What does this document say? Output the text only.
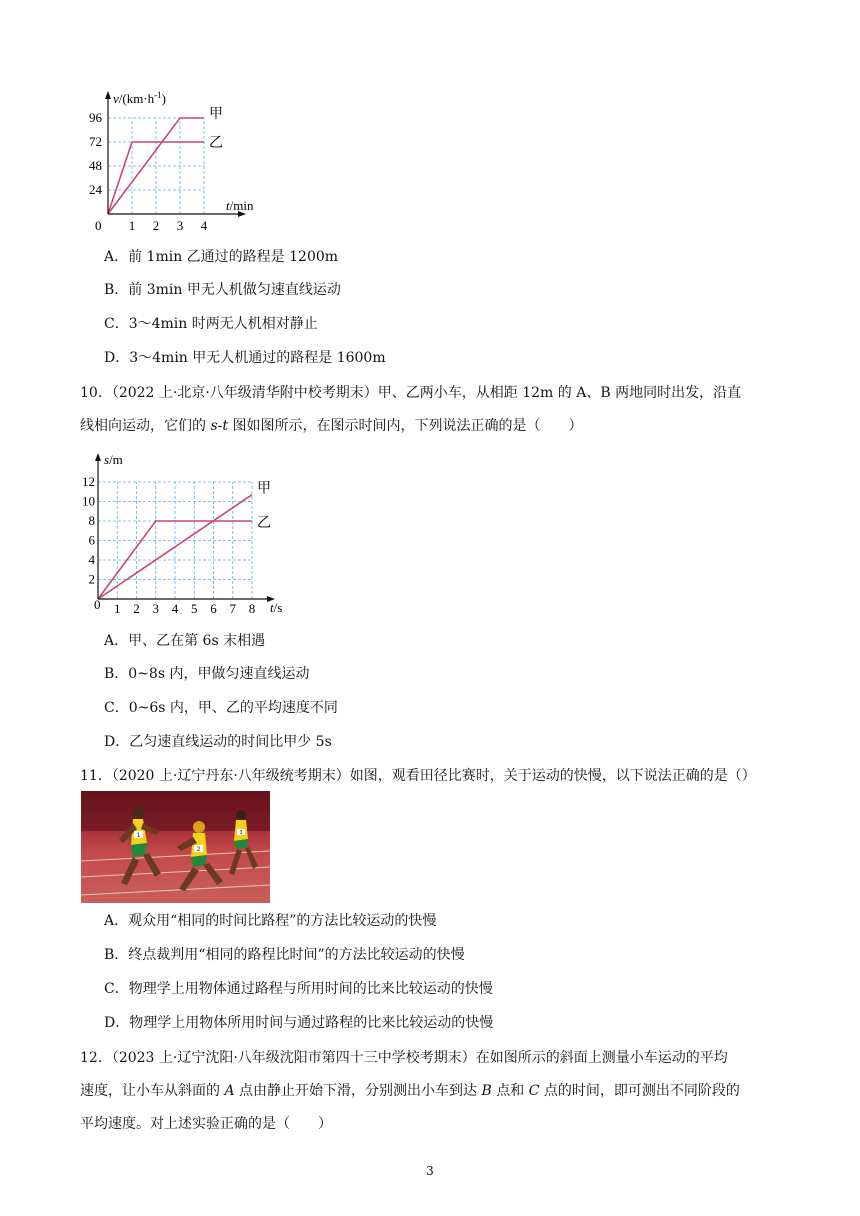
$v/(km\cdot h^{-1})$
t/min
0 1 2 3 4
24
48
72
96	甲
乙
A．前 1min 乙通过的路程是 1200m
B．前 3min 甲无人机做匀速直线运动
C．3～4min 时两无人机相对静止
D．3～4min 甲无人机通过的路程是 1600m
10．（2022 上·北京·八年级清华附中校考期末）甲、乙两小车，从相距 12m 的 A、B 两地同时出发，沿直
线相向运动，它们的 s-t 图如图所示，在图示时间内，下列说法正确的是（　　）
s/m
t/s
0 1 2 3 4 5 6 7 8
2
4
6
8
10
12
甲
乙
A．甲、乙在第 6s 末相遇
B．0~8s 内，甲做匀速直线运动
C．0~6s 内，甲、乙的平均速度不同
D．乙匀速直线运动的时间比甲少 5s
11．（2020 上·辽宁丹东·八年级统考期末）如图，观看田径比赛时，关于运动的快慢，以下说法正确的是（）
1
2
3
A．观众用“相同的时间比路程”的方法比较运动的快慢
B．终点裁判用“相同的路程比时间”的方法比较运动的快慢
C．物理学上用物体通过路程与所用时间的比来比较运动的快慢
D．物理学上用物体所用时间与通过路程的比来比较运动的快慢
12．（2023 上·辽宁沈阳·八年级沈阳市第四十三中学校考期末）在如图所示的斜面上测量小车运动的平均
速度，让小车从斜面的 A 点由静止开始下滑，分别测出小车到达 B 点和 C 点的时间，即可测出不同阶段的
平均速度。对上述实验正确的是（　　）
3
